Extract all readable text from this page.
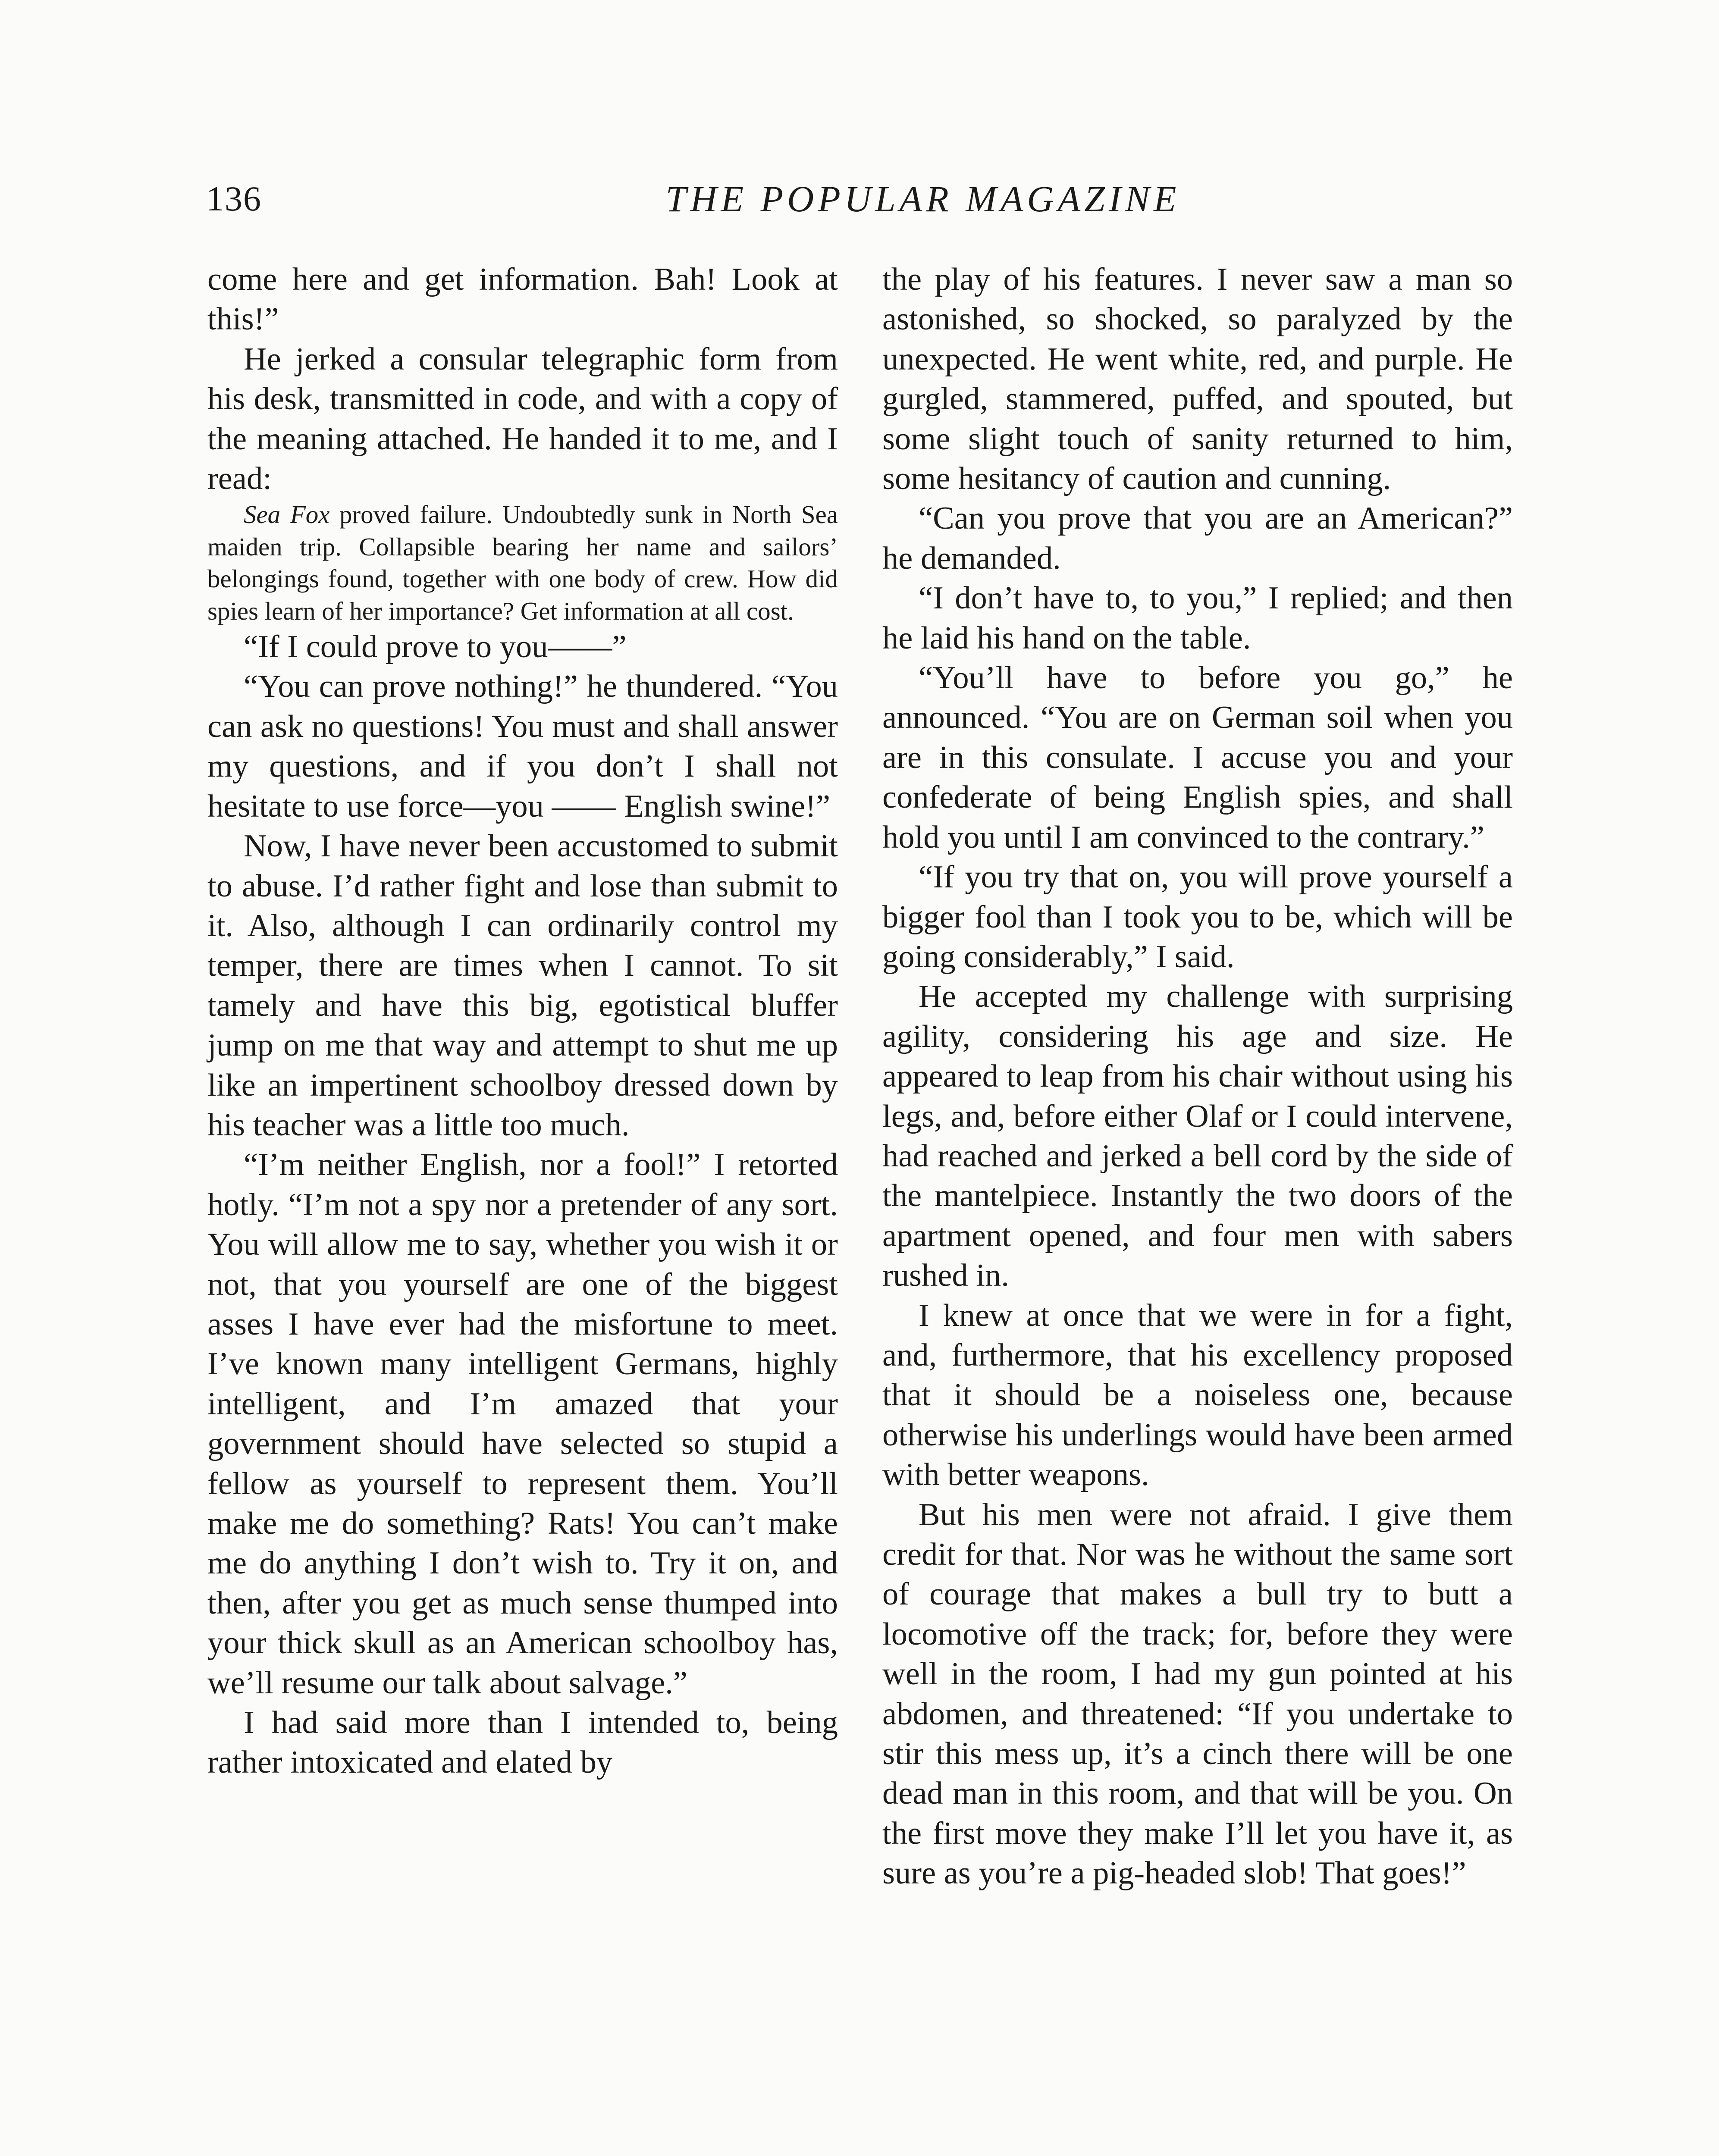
136	THE POPULAR MAGAZINE

come here and get information. Bah! Look at this!”

He jerked a consular telegraphic form from his desk, transmitted in code, and with a copy of the meaning attached. He handed it to me, and I read:

Sea Fox proved failure. Undoubtedly sunk in North Sea maiden trip. Collapsible bearing her name and sailors’ belongings found, together with one body of crew. How did spies learn of her importance? Get information at all cost.

“If I could prove to you——”

“You can prove nothing!” he thundered. “You can ask no questions! You must and shall answer my questions, and if you don’t I shall not hesitate to use force—you —— English swine!”

Now, I have never been accustomed to submit to abuse. I’d rather fight and lose than submit to it. Also, although I can ordinarily control my temper, there are times when I cannot. To sit tamely and have this big, egotistical bluffer jump on me that way and attempt to shut me up like an impertinent schoolboy dressed down by his teacher was a little too much.

“I’m neither English, nor a fool!” I retorted hotly. “I’m not a spy nor a pretender of any sort. You will allow me to say, whether you wish it or not, that you yourself are one of the biggest asses I have ever had the misfortune to meet. I’ve known many intelligent Germans, highly intelligent, and I’m amazed that your government should have selected so stupid a fellow as yourself to represent them. You’ll make me do something? Rats! You can’t make me do anything I don’t wish to. Try it on, and then, after you get as much sense thumped into your thick skull as an American schoolboy has, we’ll resume our talk about salvage.”

I had said more than I intended to, being rather intoxicated and elated by

the play of his features. I never saw a man so astonished, so shocked, so paralyzed by the unexpected. He went white, red, and purple. He gurgled, stammered, puffed, and spouted, but some slight touch of sanity returned to him, some hesitancy of caution and cunning.

“Can you prove that you are an American?” he demanded.

“I don’t have to, to you,” I replied; and then he laid his hand on the table.

“You’ll have to before you go,” he announced. “You are on German soil when you are in this consulate. I accuse you and your confederate of being English spies, and shall hold you until I am convinced to the contrary.”

“If you try that on, you will prove yourself a bigger fool than I took you to be, which will be going considerably,” I said.

He accepted my challenge with surprising agility, considering his age and size. He appeared to leap from his chair without using his legs, and, before either Olaf or I could intervene, had reached and jerked a bell cord by the side of the mantelpiece. Instantly the two doors of the apartment opened, and four men with sabers rushed in.

I knew at once that we were in for a fight, and, furthermore, that his excellency proposed that it should be a noiseless one, because otherwise his underlings would have been armed with better weapons.

But his men were not afraid. I give them credit for that. Nor was he without the same sort of courage that makes a bull try to butt a locomotive off the track; for, before they were well in the room, I had my gun pointed at his abdomen, and threatened: “If you undertake to stir this mess up, it’s a cinch there will be one dead man in this room, and that will be you. On the first move they make I’ll let you have it, as sure as you’re a pig-headed slob! That goes!”
